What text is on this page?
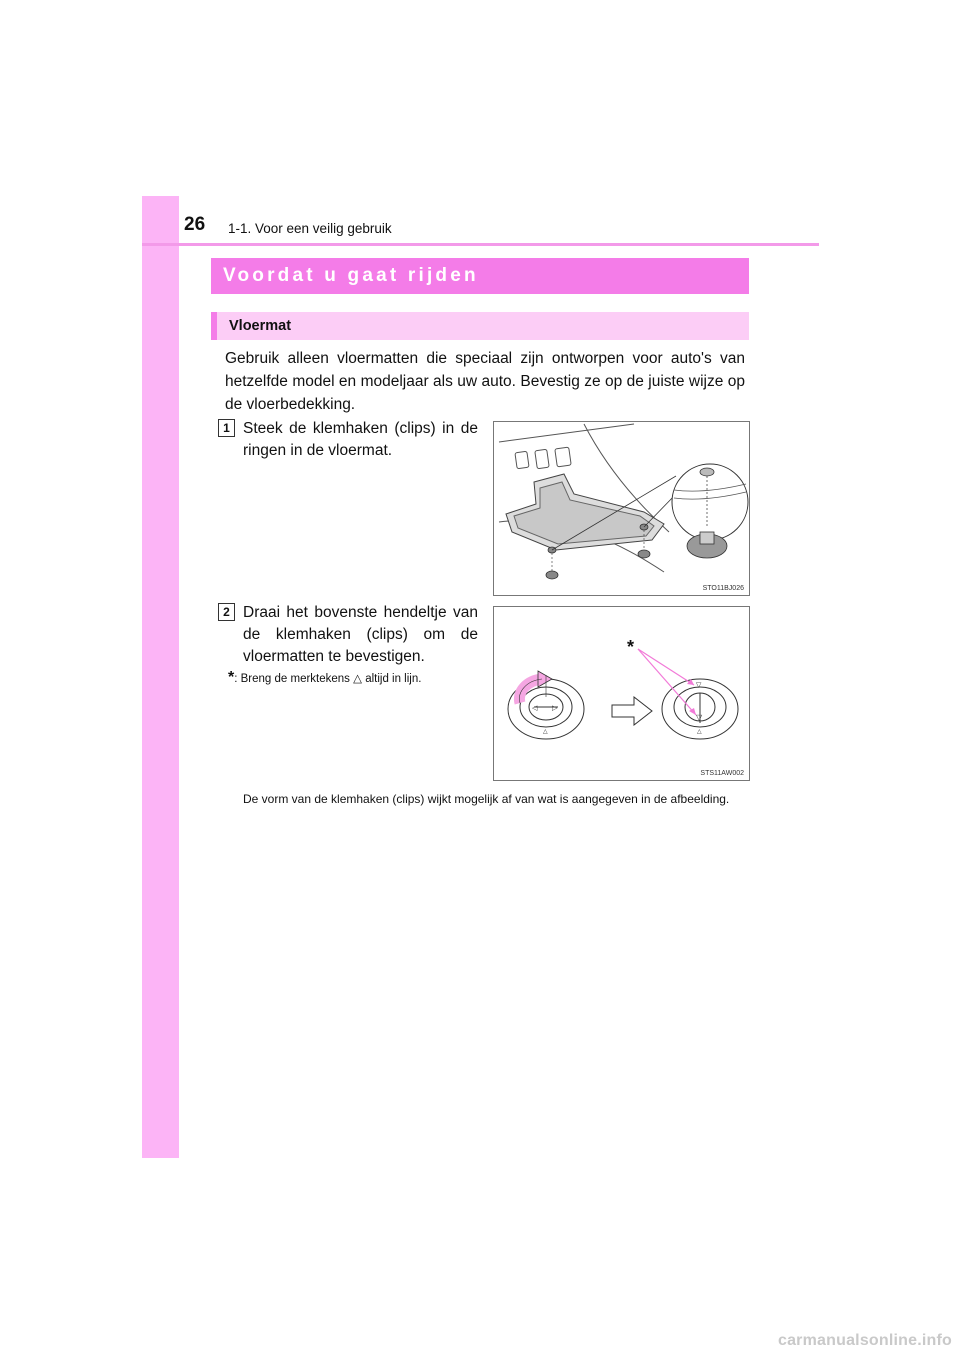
26 1-1. Voor een veilig gebruik
Voordat u gaat rijden
Vloermat
Gebruik alleen vloermatten die speciaal zijn ontworpen voor auto's van hetzelfde model en modeljaar als uw auto. Bevestig ze op de juiste wijze op de vloerbedekking.
1 Steek de klemhaken (clips) in de ringen in de vloermat.
STO11BJ026
2 Draai het bovenste hendeltje van de klemhaken (clips) om de vloermatten te bevestigen.
*: Breng de merktekens △ altijd in lijn.
◁ ▷
△
▽
▽
△
*
STS11AW002
De vorm van de klemhaken (clips) wijkt mogelijk af van wat is aangegeven in de afbeelding.
carmanualsonline.info
